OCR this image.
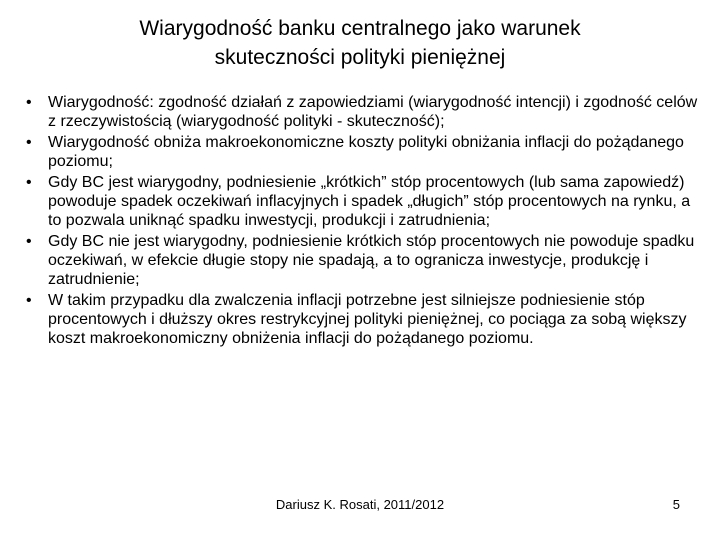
Wiarygodność banku centralnego jako warunek
skuteczności polityki pieniężnej
• Wiarygodność: zgodność działań z zapowiedziami (wiarygodność intencji) i zgodność celów z rzeczywistością (wiarygodność polityki - skuteczność);
• Wiarygodność obniża makroekonomiczne koszty polityki obniżania inflacji do pożądanego poziomu;
• Gdy BC jest wiarygodny, podniesienie „krótkich” stóp procentowych (lub sama zapowiedź) powoduje spadek oczekiwań inflacyjnych i spadek „długich” stóp procentowych na rynku, a to pozwala uniknąć spadku inwestycji, produkcji i zatrudnienia;
• Gdy BC nie jest wiarygodny, podniesienie krótkich stóp procentowych nie powoduje spadku oczekiwań, w efekcie długie stopy nie spadają, a to ogranicza inwestycje, produkcję i zatrudnienie;
• W takim przypadku dla zwalczenia inflacji potrzebne jest silniejsze podniesienie stóp procentowych i dłuższy okres restrykcyjnej polityki pieniężnej, co pociąga za sobą większy koszt makroekonomiczny obniżenia inflacji do pożądanego poziomu.
Dariusz K. Rosati, 2011/2012	5
